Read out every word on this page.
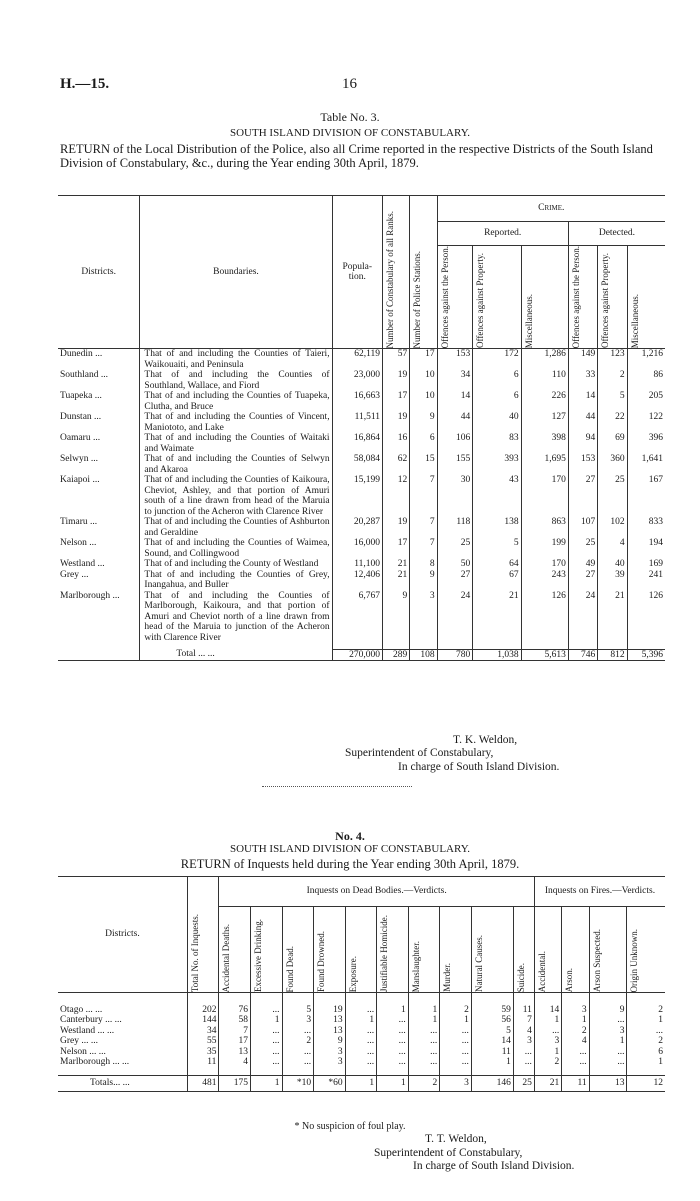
H.—15.	16
Table No. 3.
SOUTH ISLAND DIVISION OF CONSTABULARY.
RETURN of the Local Distribution of the Police, also all Crime reported in the respective Districts of the South Island Division of Constabulary, &c., during the Year ending 30th April, 1879.
Districts.	Boundaries.	Popula-tion.	Number of Constabulary of all Ranks.	Number of Police Stations.	Crime.					
					Reported.			Detected.		

					Offences against the Person.	Offences against Property.	Miscellaneous.	Offences against the Person.	Offences against Property.	Miscellaneous.

Dunedin ...	That of and including the Counties of Taieri, Waikouaiti, and Peninsula	62,119	57	17	153	172	1,286	149	123	1,216
Southland ...	That of and including the Counties of Southland, Wallace, and Fiord	23,000	19	10	34	6	110	33	2	86
Tuapeka ...	That of and including the Counties of Tuapeka, Clutha, and Bruce	16,663	17	10	14	6	226	14	5	205
Dunstan ...	That of and including the Counties of Vincent, Maniototo, and Lake	11,511	19	9	44	40	127	44	22	122
Oamaru ...	That of and including the Counties of Waitaki and Waimate	16,864	16	6	106	83	398	94	69	396
Selwyn ...	That of and including the Counties of Selwyn and Akaroa	58,084	62	15	155	393	1,695	153	360	1,641
Kaiapoi ...	That of and including the Counties of Kaikoura, Cheviot, Ashley, and that portion of Amuri south of a line drawn from head of the Maruia to junction of the Acheron with Clarence River	15,199	12	7	30	43	170	27	25	167
Timaru ...	That of and including the Counties of Ashburton and Geraldine	20,287	19	7	118	138	863	107	102	833
Nelson ...	That of and including the Counties of Waimea, Sound, and Collingwood	16,000	17	7	25	5	199	25	4	194
Westland ...	That of and including the County of Westland	11,100	21	8	50	64	170	49	40	169
Grey ...	That of and including the Counties of Grey, Inangahua, and Buller	12,406	21	9	27	67	243	27	39	241
Marlborough ...	That of and including the Counties of Marlborough, Kaikoura, and that portion of Amuri and Cheviot north of a line drawn from head of the Maruia to junction of the Acheron with Clarence River	6,767	9	3	24	21	126	24	21	126

	Total ... ...	270,000	289	108	780	1,038	5,613	746	812	5,396
T. K. Weldon,
Superintendent of Constabulary,
In charge of South Island Division.
No. 4.
SOUTH ISLAND DIVISION OF CONSTABULARY.
RETURN of Inquests held during the Year ending 30th April, 1879.
Districts.	Total No. of Inquests.	Inquests on Dead Bodies.—Verdicts.										Inquests on Fires.—Verdicts.			

		Accidental Deaths.	Excessive Drinking.	Found Dead.	Found Drowned.	Exposure.	Justifiable Homicide.	Manslaughter.	Murder.	Natural Causes.	Suicide.	Accidental.	Arson.	Arson Suspected.	Origin Unknown.

Otago ... ...	202	76	...	5	19	...	1	1	2	59	11	14	3	9	2
Canterbury ... ...	144	58	1	3	13	1	...	1	1	56	7	1	1	...	1
Westland ... ...	34	7	...	...	13	...	...	...	...	5	4	...	2	3	...
Grey ... ...	55	17	...	2	9	...	...	...	...	14	3	3	4	1	2
Nelson ... ...	35	13	...	...	3	...	...	...	...	11	...	1	...	...	6
Marlborough ... ...	11	4	...	...	3	...	...	...	...	1	...	2	...	...	1

Totals... ...	481	175	1	*10	*60	1	1	2	3	146	25	21	11	13	12
* No suspicion of foul play.
T. T. Weldon,
Superintendent of Constabulary,
In charge of South Island Division.
